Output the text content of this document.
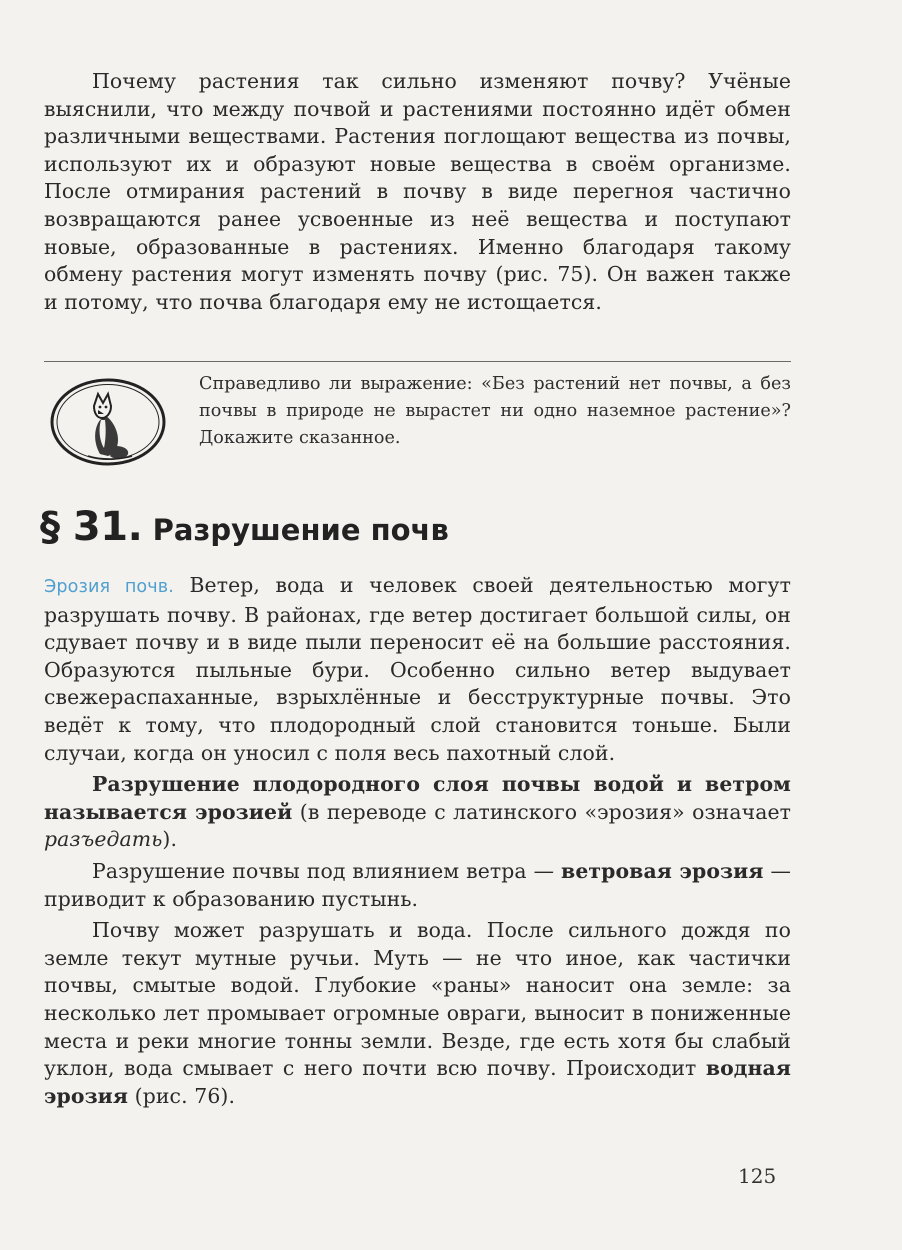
Почему растения так сильно изменяют почву? Учёные выяснили, что между почвой и растениями постоянно идёт обмен различными веществами. Растения поглощают вещества из почвы, используют их и образуют новые вещества в своём организме. После отмирания растений в почву в виде перегноя частично возвращаются ранее усвоенные из неё вещества и поступают новые, образованные в растениях. Именно благодаря такому обмену растения могут изменять почву (рис. 75). Он важен также и потому, что почва благодаря ему не истощается.

Справедливо ли выражение: «Без растений нет почвы, а без почвы в природе не вырастет ни одно наземное растение»? Докажите сказанное.

§ 31. Разрушение почв

Эрозия почв. Ветер, вода и человек своей деятельностью могут разрушать почву. В районах, где ветер достигает большой силы, он сдувает почву и в виде пыли переносит её на большие расстояния. Образуются пыльные бури. Особенно сильно ветер выдувает свежераспаханные, взрыхлённые и бесструктурные почвы. Это ведёт к тому, что плодородный слой становится тоньше. Были случаи, когда он уносил с поля весь пахотный слой.

Разрушение плодородного слоя почвы водой и ветром называется эрозией (в переводе с латинского «эрозия» означает разъедать).

Разрушение почвы под влиянием ветра — ветровая эрозия — приводит к образованию пустынь.

Почву может разрушать и вода. После сильного дождя по земле текут мутные ручьи. Муть — не что иное, как частички почвы, смытые водой. Глубокие «раны» наносит она земле: за несколько лет промывает огромные овраги, выносит в пониженные места и реки многие тонны земли. Везде, где есть хотя бы слабый уклон, вода смывает с него почти всю почву. Происходит водная эрозия (рис. 76).

125
